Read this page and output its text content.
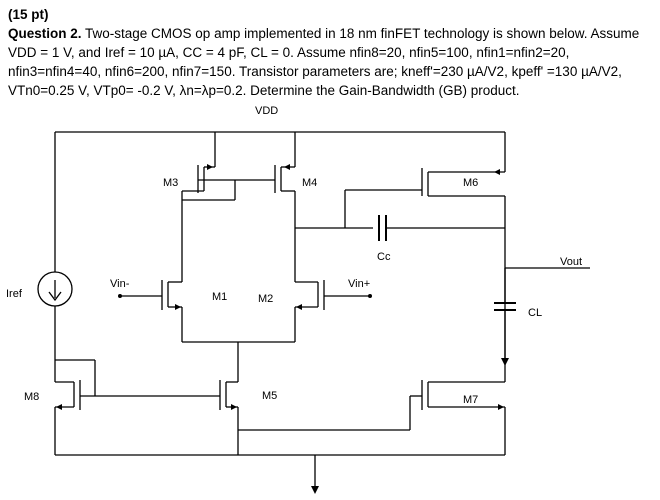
(15 pt)
Question 2. Two-stage CMOS op amp implemented in 18 nm finFET technology is shown below. Assume
VDD = 1 V, and Iref = 10 µA, CC = 4 pF, CL = 0. Assume nfin8=20, nfin5=100, nfin1=nfin2=20,
nfin3=nfin4=40, nfin6=200, nfin7=150. Transistor parameters are; kneff'=230 µA/V2, kpeff' =130 µA/V2,
VTn0=0.25 V, VTp0= -0.2 V, λn=λp=0.2. Determine the Gain-Bandwidth (GB) product.
VDD
M3	M4	M6
Cc	Vout
Iref
Vin-
M1	M2
Vin+
CL
M8	M5	M7
